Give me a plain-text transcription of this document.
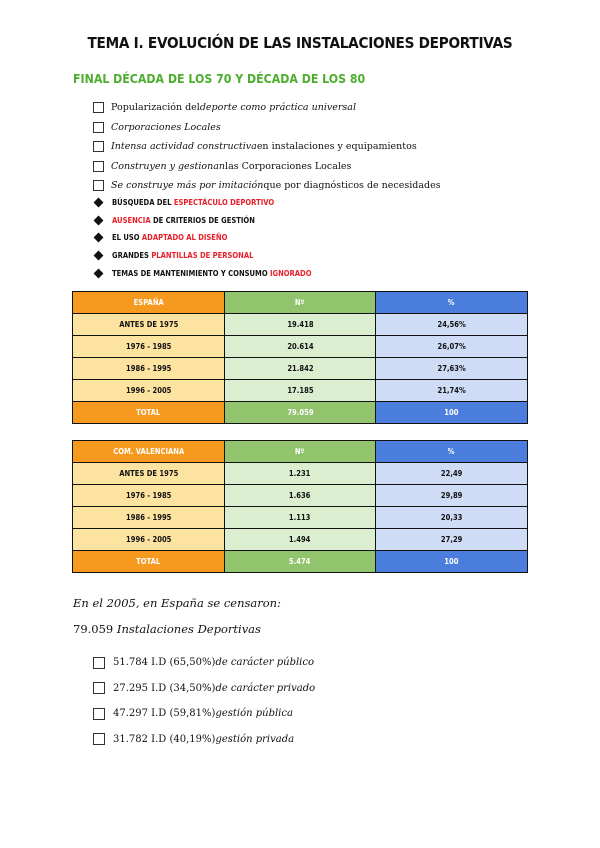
TEMA I. EVOLUCIÓN DE LAS INSTALACIONES DEPORTIVAS
FINAL DÉCADA DE LOS 70 Y DÉCADA DE LOS 80
Popularización del deporte como práctica universal
Corporaciones Locales
Intensa actividad constructiva en instalaciones y equipamientos
Construyen y gestionan las Corporaciones Locales
Se construye más por imitación que por diagnósticos de necesidades
BÚSQUEDA DEL ESPECTÁCULO DEPORTIVO
AUSENCIA DE CRITERIOS DE GESTIÓN
EL USO ADAPTADO AL DISEÑO
GRANDES PLANTILLAS DE PERSONAL
TEMAS DE MANTENIMIENTO Y CONSUMO IGNORADO
ESPAÑA	Nº	%
ANTES DE 1975	19.418	24,56%
1976 - 1985	20.614	26,07%
1986 - 1995	21.842	27,63%
1996 - 2005	17.185	21,74%
TOTAL	79.059	100
COM. VALENCIANA	Nº	%
ANTES DE 1975	1.231	22,49
1976 - 1985	1.636	29,89
1986 - 1995	1.113	20,33
1996 - 2005	1.494	27,29
TOTAL	5.474	100
En el 2005, en España se censaron:
79.059 Instalaciones Deportivas
51.784 I.D (65,50%) de carácter público
27.295 I.D (34,50%) de carácter privado
47.297 I.D (59,81%) gestión pública
31.782 I.D (40,19%) gestión privada
